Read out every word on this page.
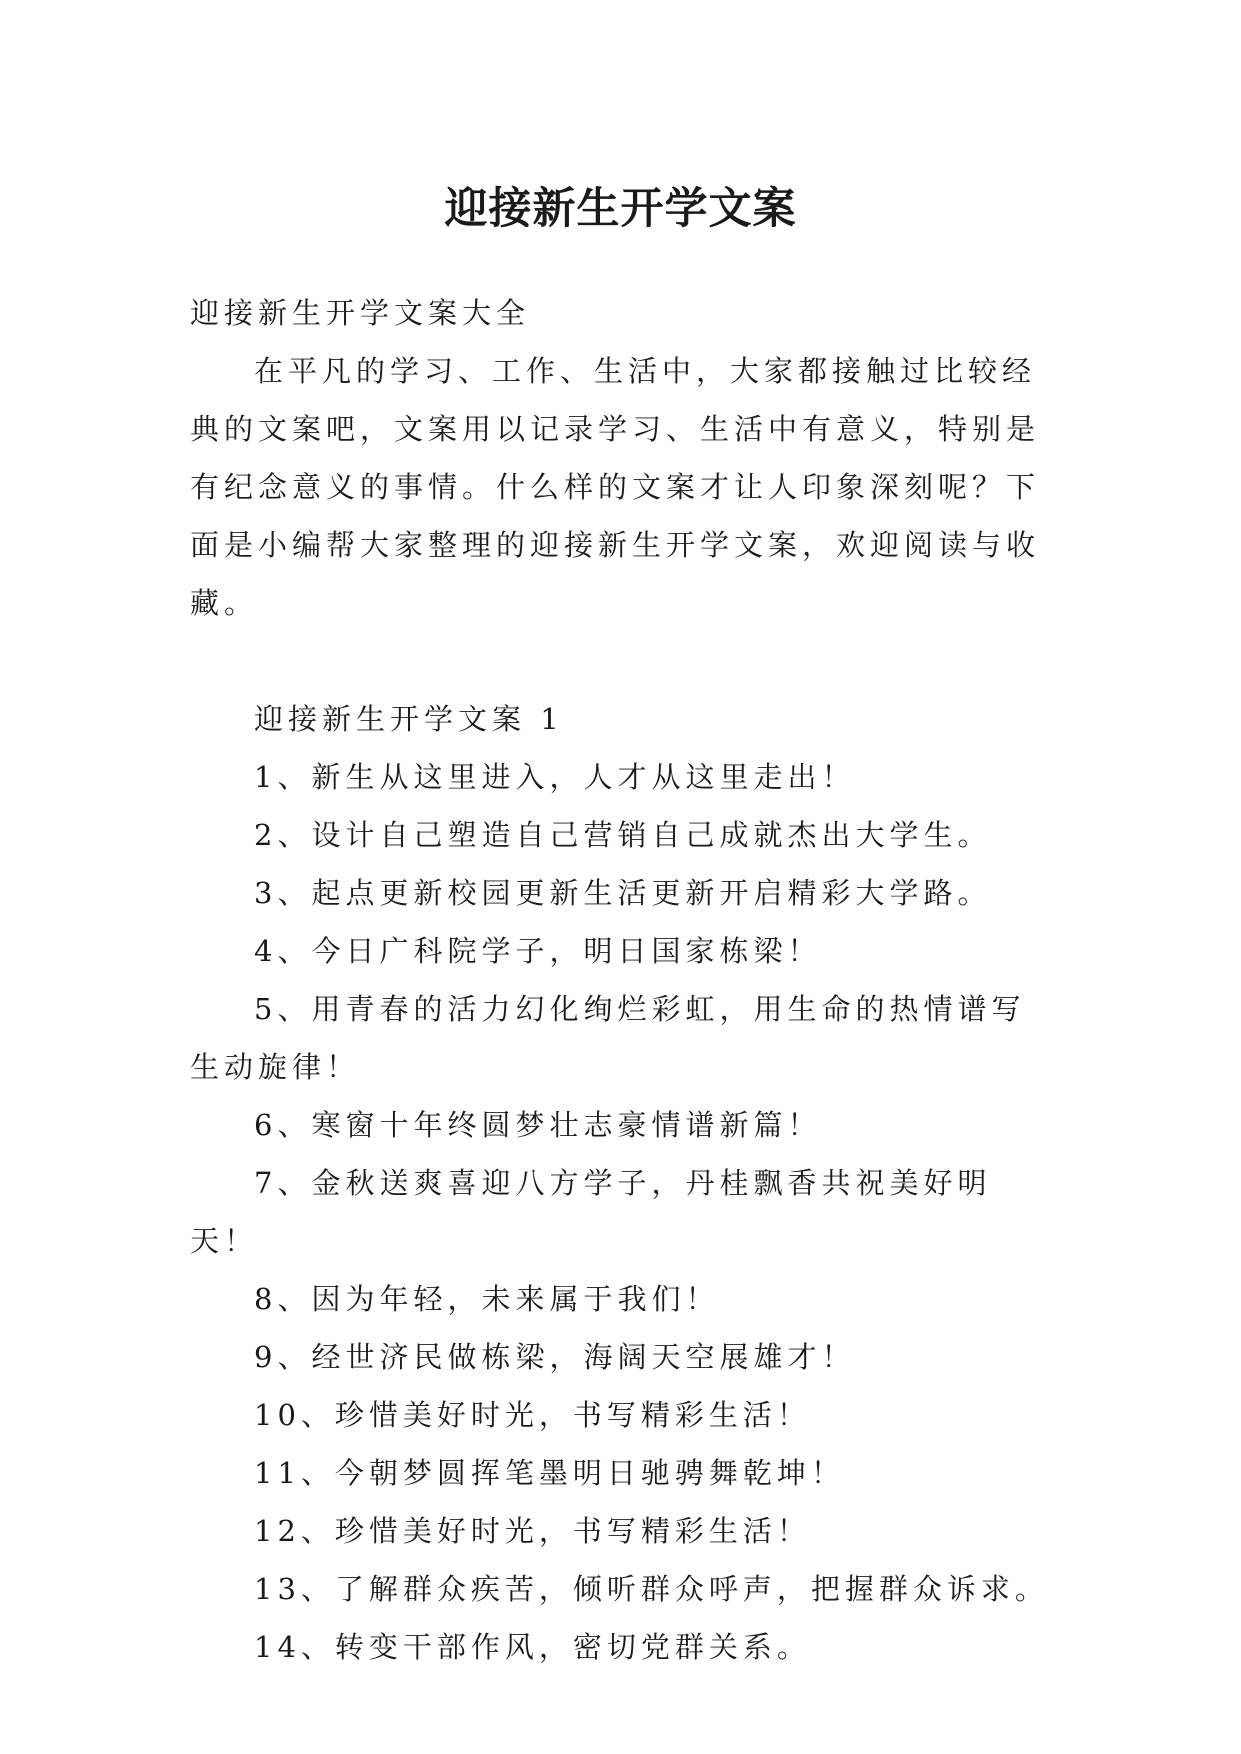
迎接新生开学文案

迎接新生开学文案大全

在平凡的学习、工作、生活中，大家都接触过比较经典的文案吧，文案用以记录学习、生活中有意义，特别是有纪念意义的事情。什么样的文案才让人印象深刻呢？下面是小编帮大家整理的迎接新生开学文案，欢迎阅读与收藏。

迎接新生开学文案 1

1、新生从这里进入，人才从这里走出！

2、设计自己塑造自己营销自己成就杰出大学生。

3、起点更新校园更新生活更新开启精彩大学路。

4、今日广科院学子，明日国家栋梁！

5、用青春的活力幻化绚烂彩虹，用生命的热情谱写生动旋律！

6、寒窗十年终圆梦壮志豪情谱新篇！

7、金秋送爽喜迎八方学子，丹桂飘香共祝美好明天！

8、因为年轻，未来属于我们！

9、经世济民做栋梁，海阔天空展雄才！

10、珍惜美好时光，书写精彩生活！

11、今朝梦圆挥笔墨明日驰骋舞乾坤！

12、珍惜美好时光，书写精彩生活！

13、了解群众疾苦，倾听群众呼声，把握群众诉求。

14、转变干部作风，密切党群关系。
